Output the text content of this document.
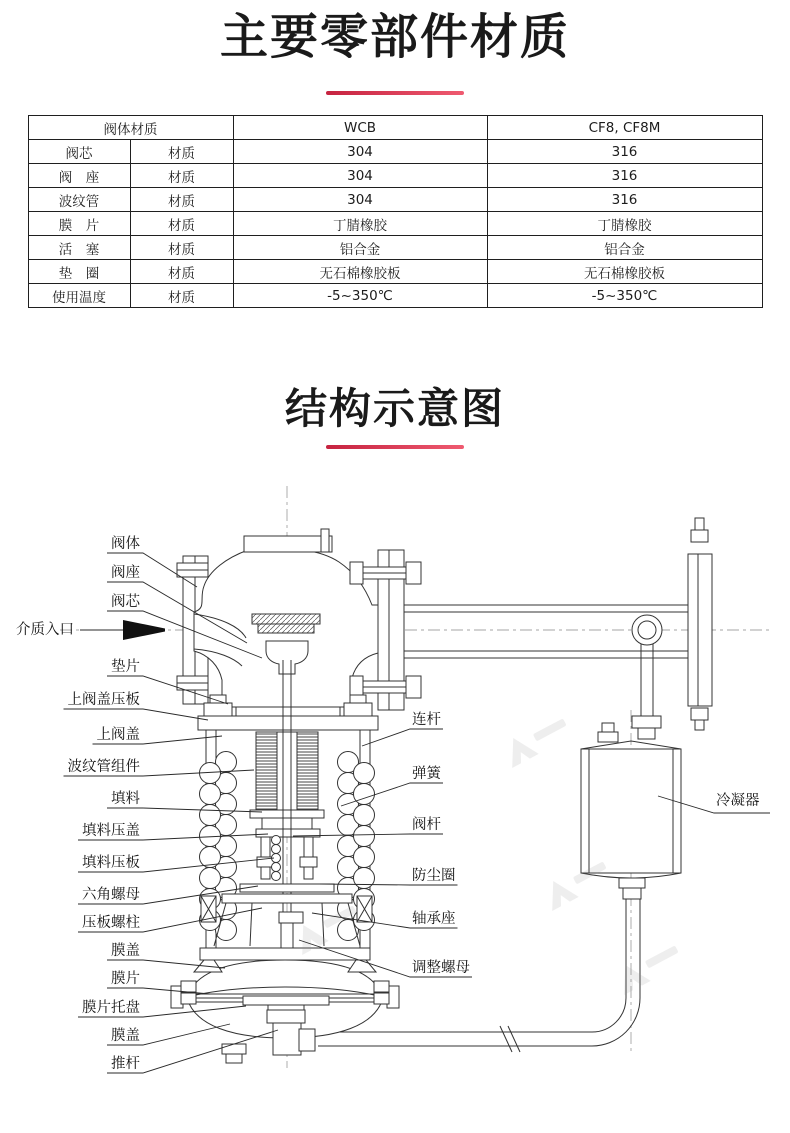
主要零部件材质
阀体材质		WCB	CF8, CF8M
阀芯	材质	304	316
阀　座	材质	304	316
波纹管	材质	304	316
膜　片	材质	丁腈橡胶	丁腈橡胶
活　塞	材质	铝合金	铝合金
垫　圈	材质	无石棉橡胶板	无石棉橡胶板
使用温度	材质	-5~350℃	-5~350℃
结构示意图
介质入口
冷凝器
阀体
阀座
阀芯
垫片
上阀盖压板
上阀盖
波纹管组件
填料
填料压盖
填料压板
六角螺母
压板螺柱
膜盖
膜片
膜片托盘
膜盖
推杆
连杆
弹簧
阀杆
防尘圈
轴承座
调整螺母
